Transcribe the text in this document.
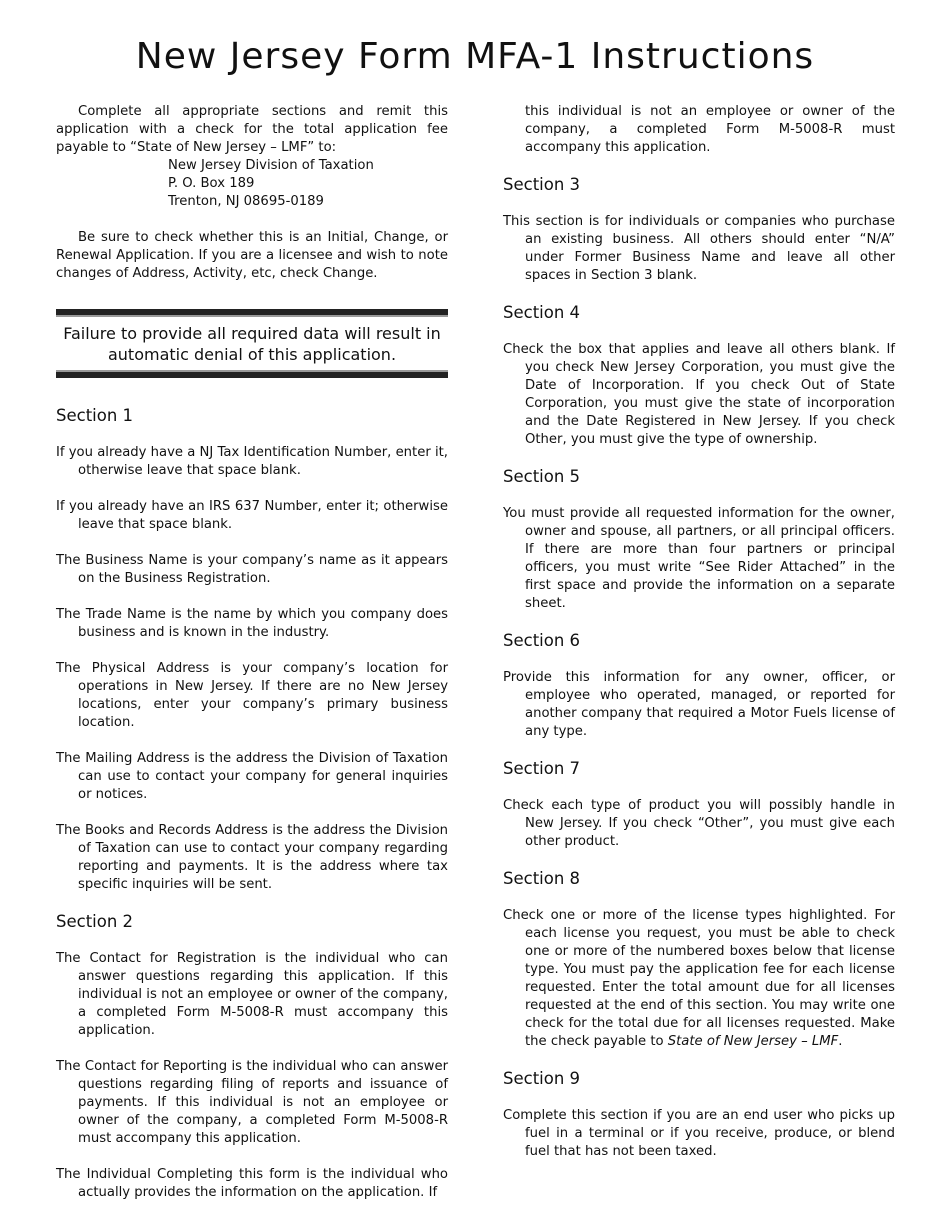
New Jersey Form MFA-1 Instructions

Complete all appropriate sections and remit this application with a check for the total application fee payable to “State of New Jersey – LMF” to:

New Jersey Division of Taxation

P. O. Box 189

Trenton, NJ 08695-0189

Be sure to check whether this is an Initial, Change, or Renewal Application. If you are a licensee and wish to note changes of Address, Activity, etc, check Change.

Failure to provide all required data will result in automatic denial of this application.

Section 1

If you already have a NJ Tax Identification Number, enter it, otherwise leave that space blank.

If you already have an IRS 637 Number, enter it; otherwise leave that space blank.

The Business Name is your company’s name as it appears on the Business Registration.

The Trade Name is the name by which you company does business and is known in the industry.

The Physical Address is your company’s location for operations in New Jersey. If there are no New Jersey locations, enter your company’s primary business location.

The Mailing Address is the address the Division of Taxation can use to contact your company for general inquiries or notices.

The Books and Records Address is the address the Division of Taxation can use to contact your company regarding reporting and payments. It is the address where tax specific inquiries will be sent.

Section 2

The Contact for Registration is the individual who can answer questions regarding this application. If this individual is not an employee or owner of the company, a completed Form M-5008-R must accompany this application.

The Contact for Reporting is the individual who can answer questions regarding filing of reports and issuance of payments. If this individual is not an employee or owner of the company, a completed Form M-5008-R must accompany this application.

The Individual Completing this form is the individual who actually provides the information on the application. If

this individual is not an employee or owner of the company, a completed Form M-5008-R must accompany this application.

Section 3

This section is for individuals or companies who purchase an existing business. All others should enter “N/A” under Former Business Name and leave all other spaces in Section 3 blank.

Section 4

Check the box that applies and leave all others blank. If you check New Jersey Corporation, you must give the Date of Incorporation. If you check Out of State Corporation, you must give the state of incorporation and the Date Registered in New Jersey. If you check Other, you must give the type of ownership.

Section 5

You must provide all requested information for the owner, owner and spouse, all partners, or all principal officers. If there are more than four partners or principal officers, you must write “See Rider Attached” in the first space and provide the information on a separate sheet.

Section 6

Provide this information for any owner, officer, or employee who operated, managed, or reported for another company that required a Motor Fuels license of any type.

Section 7

Check each type of product you will possibly handle in New Jersey. If you check “Other”, you must give each other product.

Section 8

Check one or more of the license types highlighted. For each license you request, you must be able to check one or more of the numbered boxes below that license type. You must pay the application fee for each license requested. Enter the total amount due for all licenses requested at the end of this section. You may write one check for the total due for all licenses requested. Make the check payable to State of New Jersey – LMF.

Section 9

Complete this section if you are an end user who picks up fuel in a terminal or if you receive, produce, or blend fuel that has not been taxed.
